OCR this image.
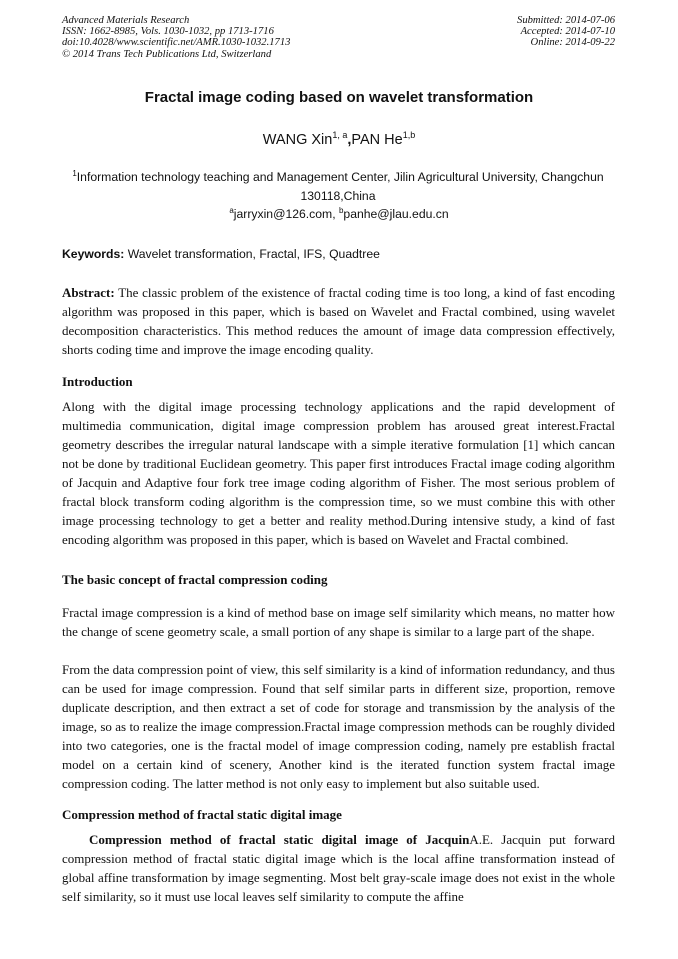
Advanced Materials Research
ISSN: 1662-8985, Vols. 1030-1032, pp 1713-1716
doi:10.4028/www.scientific.net/AMR.1030-1032.1713
© 2014 Trans Tech Publications Ltd, Switzerland
Submitted: 2014-07-06
Accepted: 2014-07-10
Online: 2014-09-22
Fractal image coding based on wavelet transformation
WANG Xin$^{1, a}$,PAN He$^{1,b}$
$^1$Information technology teaching and Management Center, Jilin Agricultural University, Changchun 130118,China
$^a$jarryxin@126.com, $^b$panhe@jlau.edu.cn
Keywords: Wavelet transformation, Fractal, IFS, Quadtree
Abstract: The classic problem of the existence of fractal coding time is too long, a kind of fast encoding algorithm was proposed in this paper, which is based on Wavelet and Fractal combined, using wavelet decomposition characteristics. This method reduces the amount of image data compression effectively, shorts coding time and improve the image encoding quality.
Introduction
Along with the digital image processing technology applications and the rapid development of multimedia communication, digital image compression problem has aroused great interest.Fractal geometry describes the irregular natural landscape with a simple iterative formulation [1] which cancan not be done by traditional Euclidean geometry. This paper first introduces Fractal image coding algorithm of Jacquin and Adaptive four fork tree image coding algorithm of Fisher. The most serious problem of fractal block transform coding algorithm is the compression time, so we must combine this with other image processing technology to get a better and reality method.During intensive study, a kind of fast encoding algorithm was proposed in this paper, which is based on Wavelet and Fractal combined.
The basic concept of fractal compression coding
Fractal image compression is a kind of method base on image self similarity which means, no matter how the change of scene geometry scale, a small portion of any shape is similar to a large part of the shape.
From the data compression point of view, this self similarity is a kind of information redundancy, and thus can be used for image compression. Found that self similar parts in different size, proportion, remove duplicate description, and then extract a set of code for storage and transmission by the analysis of the image, so as to realize the image compression.Fractal image compression methods can be roughly divided into two categories, one is the fractal model of image compression coding, namely pre establish fractal model on a certain kind of scenery, Another kind is the iterated function system fractal image compression coding. The latter method is not only easy to implement but also suitable used.
Compression method of fractal static digital image
Compression method of fractal static digital image of JacquinA.E. Jacquin put forward compression method of fractal static digital image which is the local affine transformation instead of global affine transformation by image segmenting. Most belt gray-scale image does not exist in the whole self similarity, so it must use local leaves self similarity to compute the affine
